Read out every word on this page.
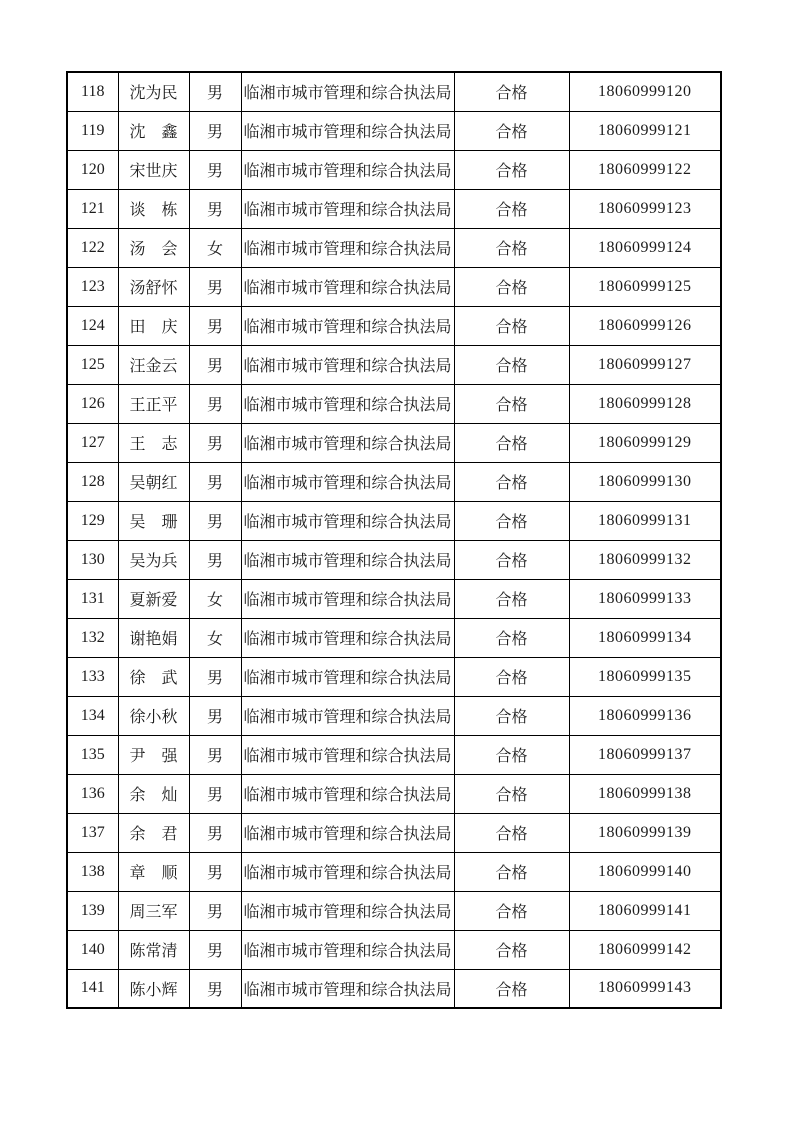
118	沈为民	男	临湘市城市管理和综合执法局	合格	18060999120
119	沈　鑫	男	临湘市城市管理和综合执法局	合格	18060999121
120	宋世庆	男	临湘市城市管理和综合执法局	合格	18060999122
121	谈　栋	男	临湘市城市管理和综合执法局	合格	18060999123
122	汤　会	女	临湘市城市管理和综合执法局	合格	18060999124
123	汤舒怀	男	临湘市城市管理和综合执法局	合格	18060999125
124	田　庆	男	临湘市城市管理和综合执法局	合格	18060999126
125	汪金云	男	临湘市城市管理和综合执法局	合格	18060999127
126	王正平	男	临湘市城市管理和综合执法局	合格	18060999128
127	王　志	男	临湘市城市管理和综合执法局	合格	18060999129
128	吴朝红	男	临湘市城市管理和综合执法局	合格	18060999130
129	吴　珊	男	临湘市城市管理和综合执法局	合格	18060999131
130	吴为兵	男	临湘市城市管理和综合执法局	合格	18060999132
131	夏新爱	女	临湘市城市管理和综合执法局	合格	18060999133
132	谢艳娟	女	临湘市城市管理和综合执法局	合格	18060999134
133	徐　武	男	临湘市城市管理和综合执法局	合格	18060999135
134	徐小秋	男	临湘市城市管理和综合执法局	合格	18060999136
135	尹　强	男	临湘市城市管理和综合执法局	合格	18060999137
136	余　灿	男	临湘市城市管理和综合执法局	合格	18060999138
137	余　君	男	临湘市城市管理和综合执法局	合格	18060999139
138	章　顺	男	临湘市城市管理和综合执法局	合格	18060999140
139	周三军	男	临湘市城市管理和综合执法局	合格	18060999141
140	陈常清	男	临湘市城市管理和综合执法局	合格	18060999142
141	陈小辉	男	临湘市城市管理和综合执法局	合格	18060999143
